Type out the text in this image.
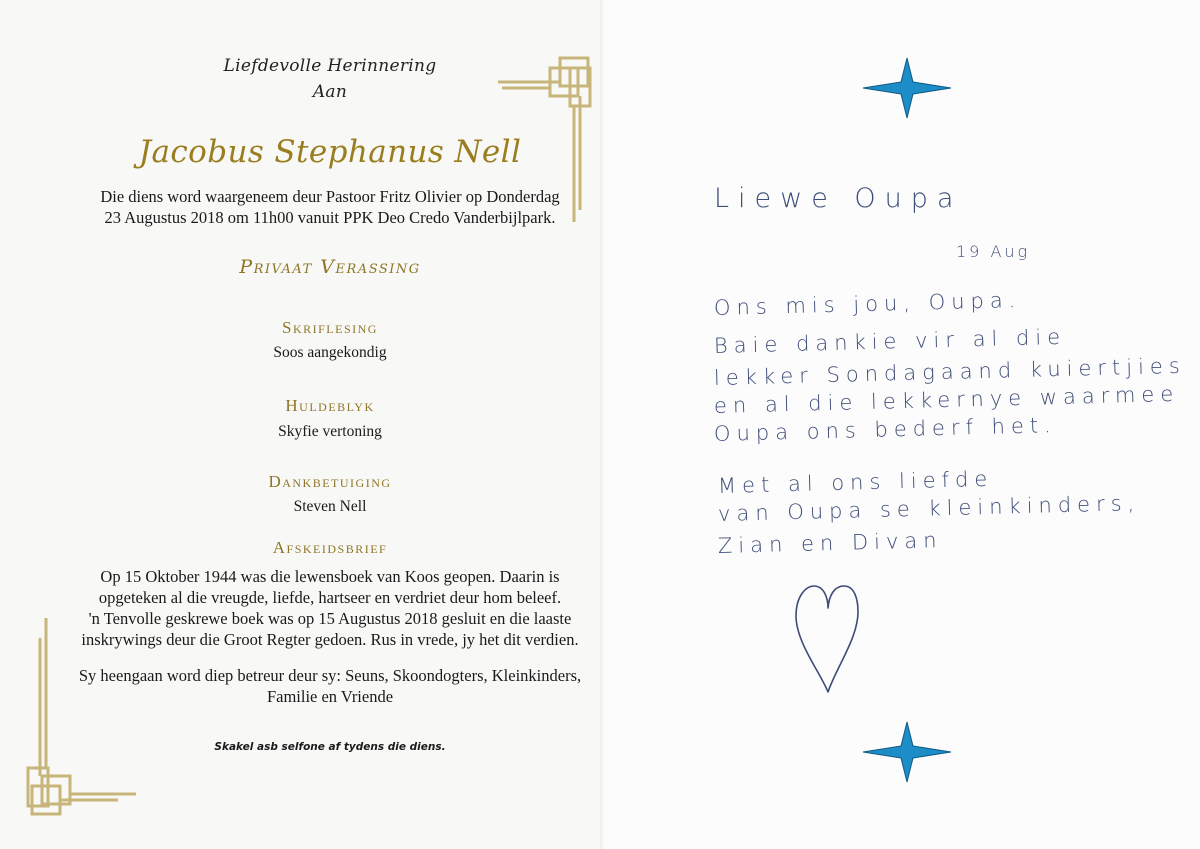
Liefdevolle Herinnering

Aan

Jacobus Stephanus Nell

Die diens word waargeneem deur Pastoor Fritz Olivier op Donderdag
23 Augustus 2018 om 11h00 vanuit PPK Deo Credo Vanderbijlpark.

Privaat Verassing

Skriflesing

Soos aangekondig

Huldeblyk

Skyfie vertoning

Dankbetuiging

Steven Nell

Afskeidsbrief

Op 15 Oktober 1944 was die lewensboek van Koos geopen. Daarin is
opgeteken al die vreugde, liefde, hartseer en verdriet deur hom beleef.
'n Tenvolle geskrewe boek was op 15 Augustus 2018 gesluit en die laaste
inskrywings deur die Groot Regter gedoen. Rus in vrede, jy het dit verdien.
Sy heengaan word diep betreur deur sy: Seuns, Skoondogters, Kleinkinders,
Familie en Vriende

Skakel asb selfone af tydens die diens.

Liewe Oupa

19 Aug

Ons mis jou, Oupa.

Baie dankie vir al die

lekker Sondagaand kuiertjies

en al die lekkernye waarmee

Oupa ons bederf het.

Met al ons liefde

van Oupa se kleinkinders,

Zian en Divan
